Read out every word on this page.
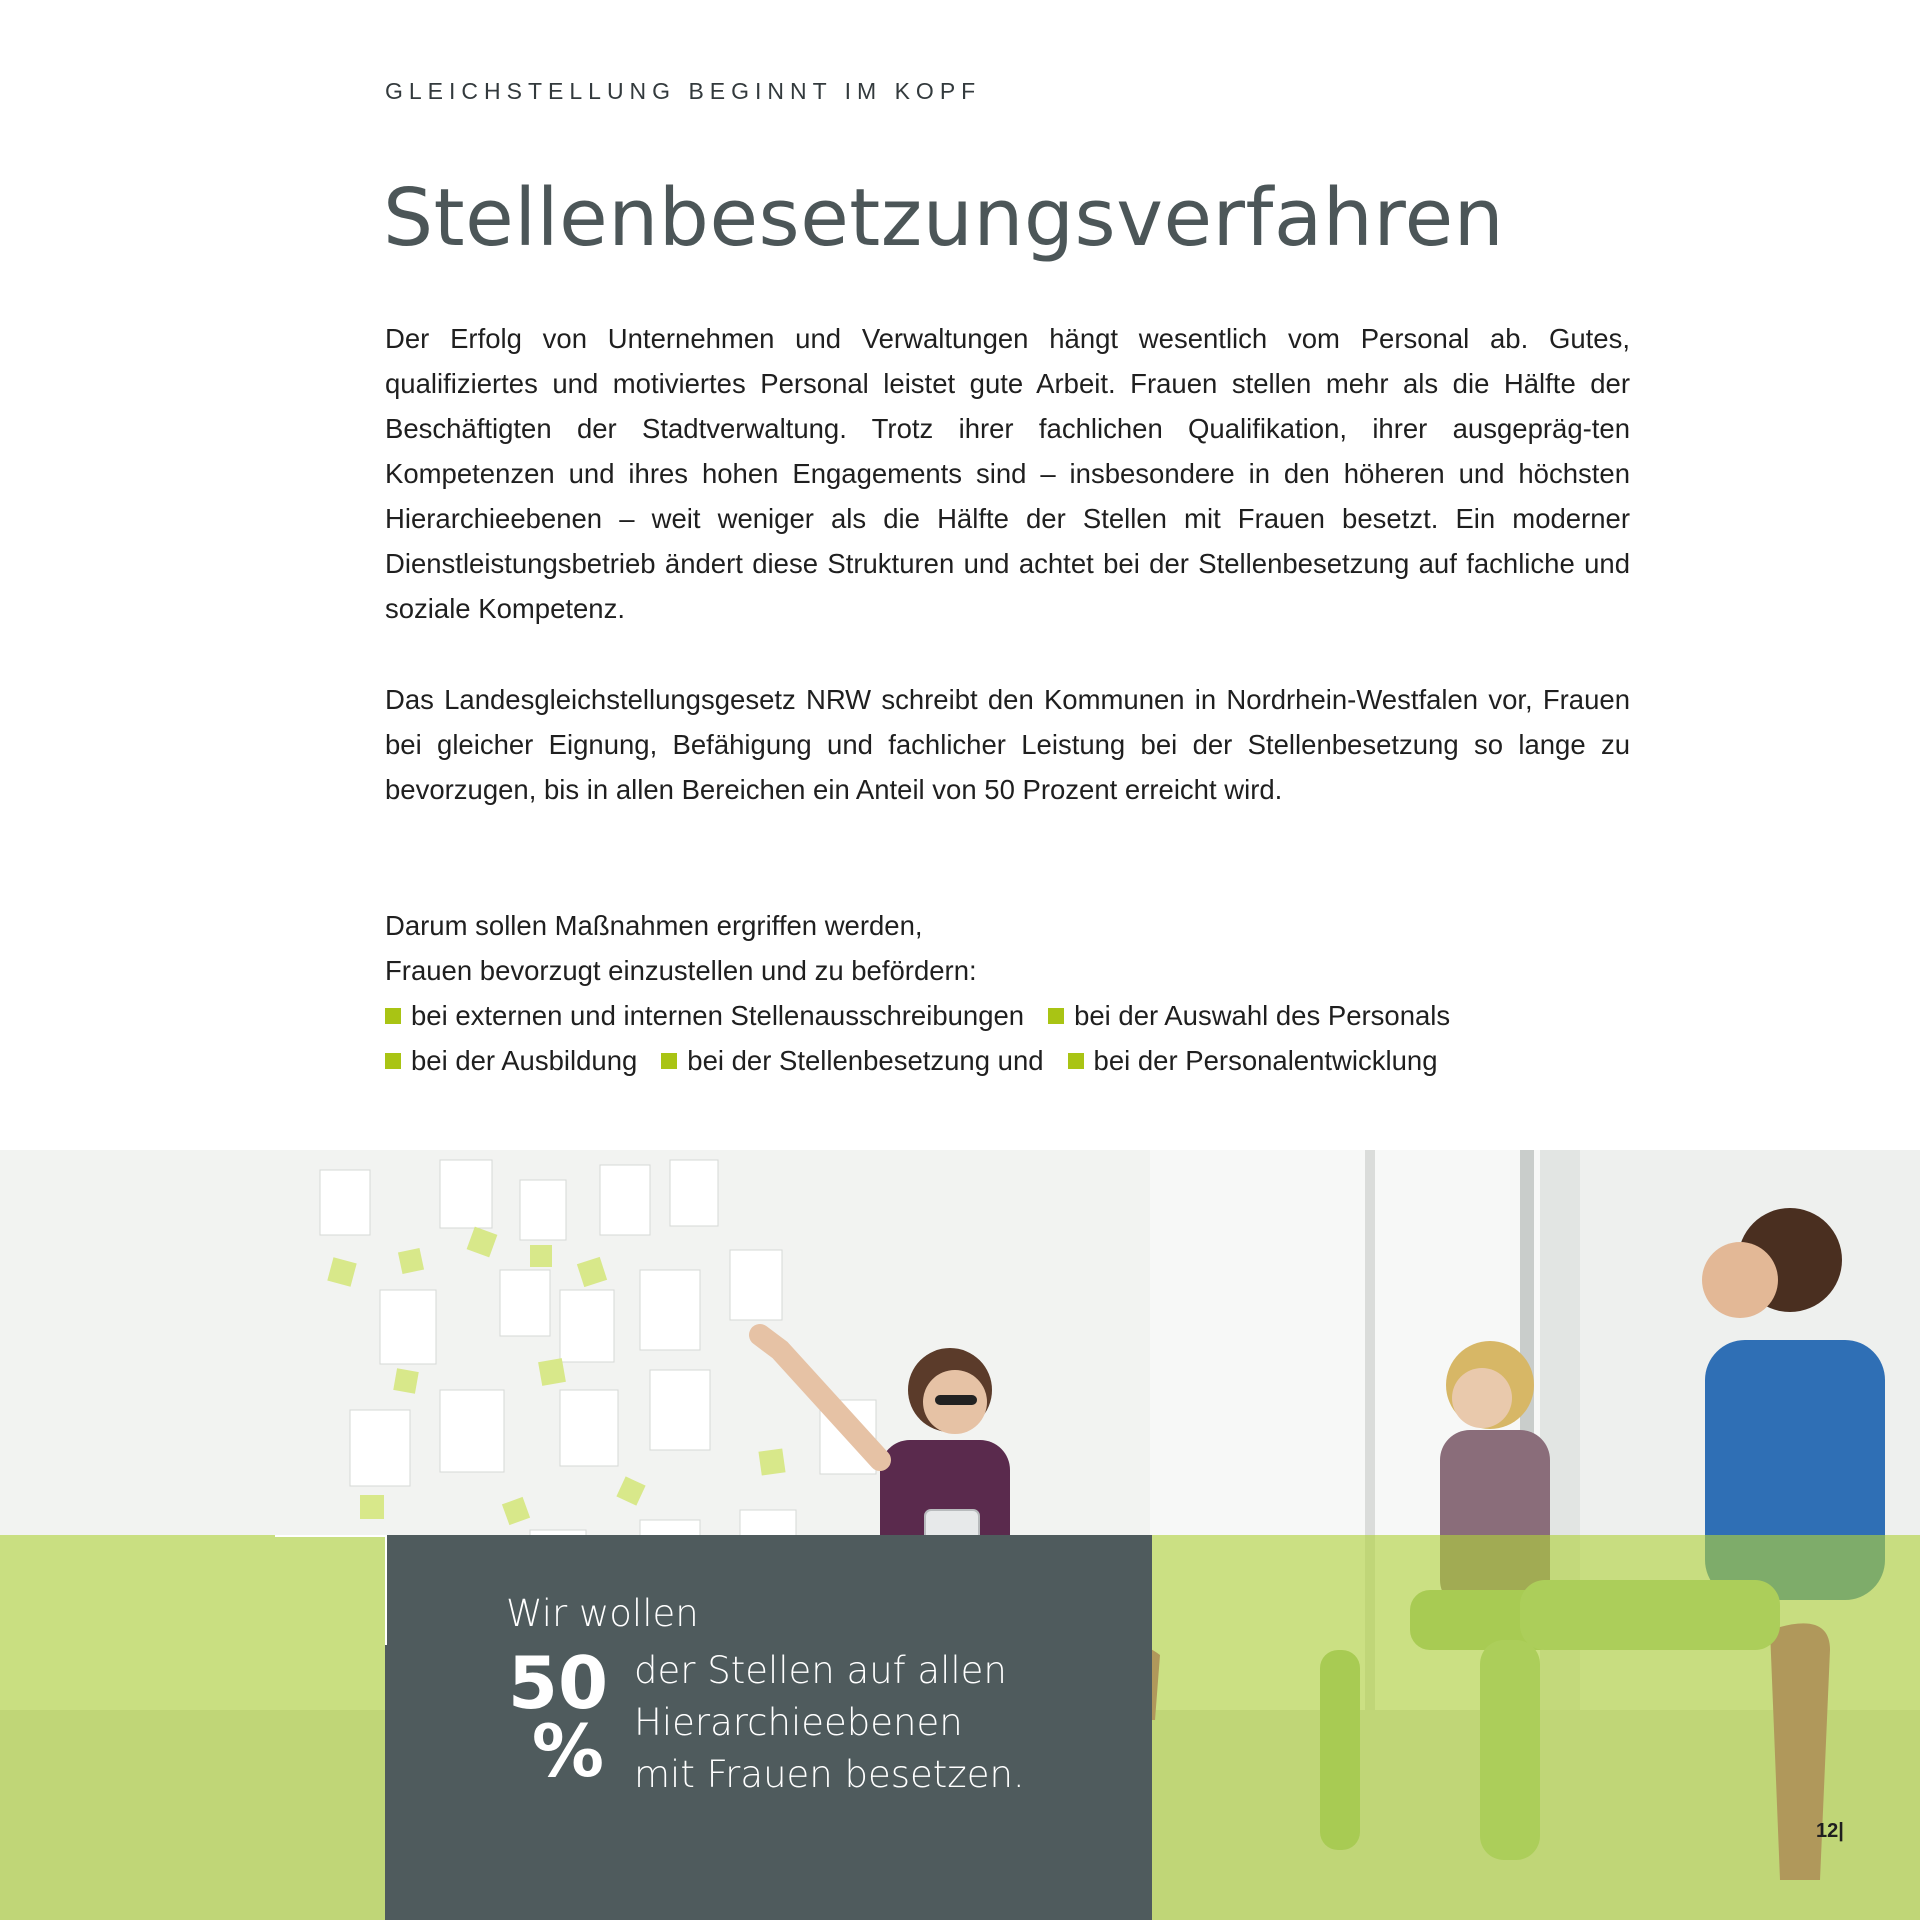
GLEICHSTELLUNG BEGINNT IM KOPF
Stellenbesetzungsverfahren

Der Erfolg von Unternehmen und Verwaltungen hängt wesentlich vom Personal ab. Gutes, qualifiziertes und motiviertes Personal leistet gute Arbeit. Frauen stellen mehr als die Hälfte der Beschäftigten der Stadtverwaltung. Trotz ihrer fachlichen Qualifikation, ihrer ausgepräg-ten Kompetenzen und ihres hohen Engagements sind – insbesondere in den höheren und höchsten Hierarchieebenen – weit weniger als die Hälfte der Stellen mit Frauen besetzt. Ein moderner Dienstleistungsbetrieb ändert diese Strukturen und achtet bei der Stellenbesetzung auf fachliche und soziale Kompetenz.

Das Landesgleichstellungsgesetz NRW schreibt den Kommunen in Nordrhein-Westfalen vor, Frauen bei gleicher Eignung, Befähigung und fachlicher Leistung bei der Stellenbesetzung so lange zu bevorzugen, bis in allen Bereichen ein Anteil von 50 Prozent erreicht wird.

Darum sollen Maßnahmen ergriffen werden,
Frauen bevorzugt einzustellen und zu befördern:
bei externen und internen Stellenausschreibungen bei der Auswahl des Personals
bei der Ausbildung bei der Stellenbesetzung und bei der Personalentwicklung
Wir wollen
50
%
der Stellen auf allen
Hierarchieebenen
mit Frauen besetzen.
12|
